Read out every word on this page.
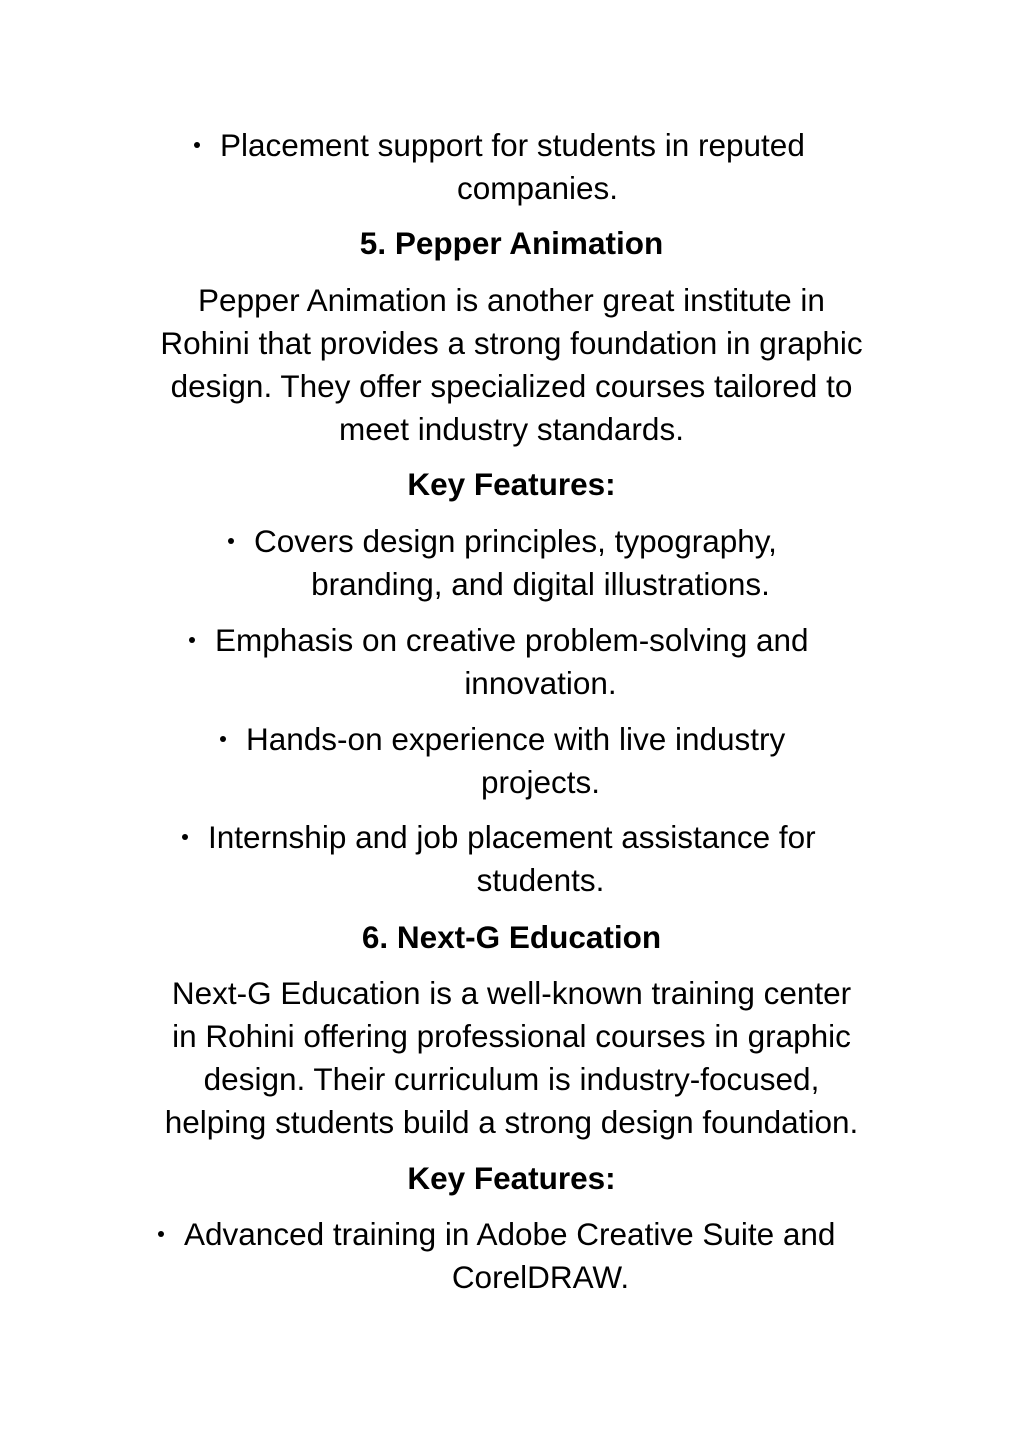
Placement support for students in reputed
companies.
5. Pepper Animation
Pepper Animation is another great institute in
Rohini that provides a strong foundation in graphic
design. They offer specialized courses tailored to
meet industry standards.
Key Features:
Covers design principles, typography,
branding, and digital illustrations.
Emphasis on creative problem-solving and
innovation.
Hands-on experience with live industry
projects.
Internship and job placement assistance for
students.
6. Next-G Education
Next-G Education is a well-known training center
in Rohini offering professional courses in graphic
design. Their curriculum is industry-focused,
helping students build a strong design foundation.
Key Features:
Advanced training in Adobe Creative Suite and
CorelDRAW.
